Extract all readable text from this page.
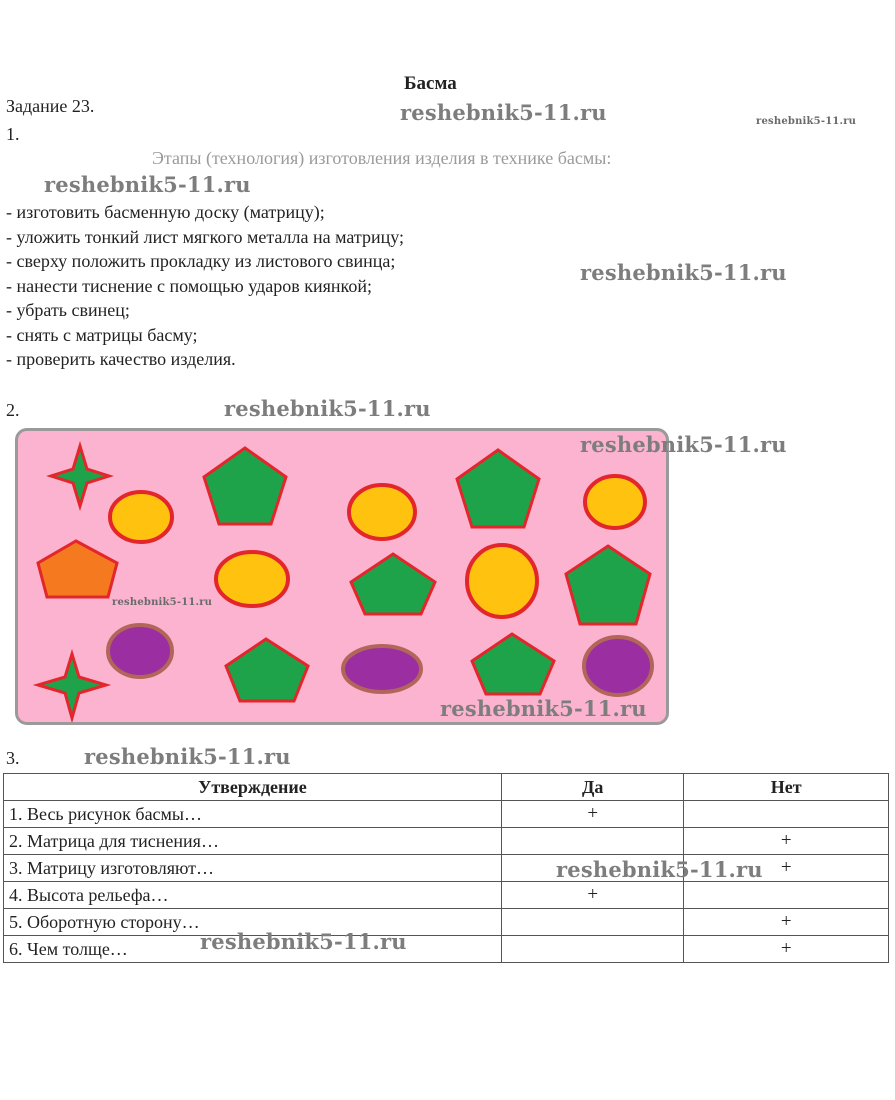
Басма
Задание 23.
1.
Этапы (технология) изготовления изделия в технике басмы:
reshebnik5-11.ru	reshebnik5-11.ru
reshebnik5-11.ru
reshebnik5-11.ru
- изготовить басменную доску (матрицу);
- уложить тонкий лист мягкого металла на матрицу;
- сверху положить прокладку из листового свинца;
- нанести тиснение с помощью ударов киянкой;
- убрать свинец;
- снять с матрицы басму;
- проверить качество изделия.
2.	reshebnik5-11.ru
reshebnik5-11.ru
reshebnik5-11.ru
reshebnik5-11.ru
3.	reshebnik5-11.ru
Утверждение	Да	Нет
1. Весь рисунок басмы…	+	
2. Матрица для тиснения…		+
3. Матрицу изготовляют…		+
4. Высота рельефа…	+	
5. Оборотную сторону…		+
6. Чем толще…		+
reshebnik5-11.ru
reshebnik5-11.ru
